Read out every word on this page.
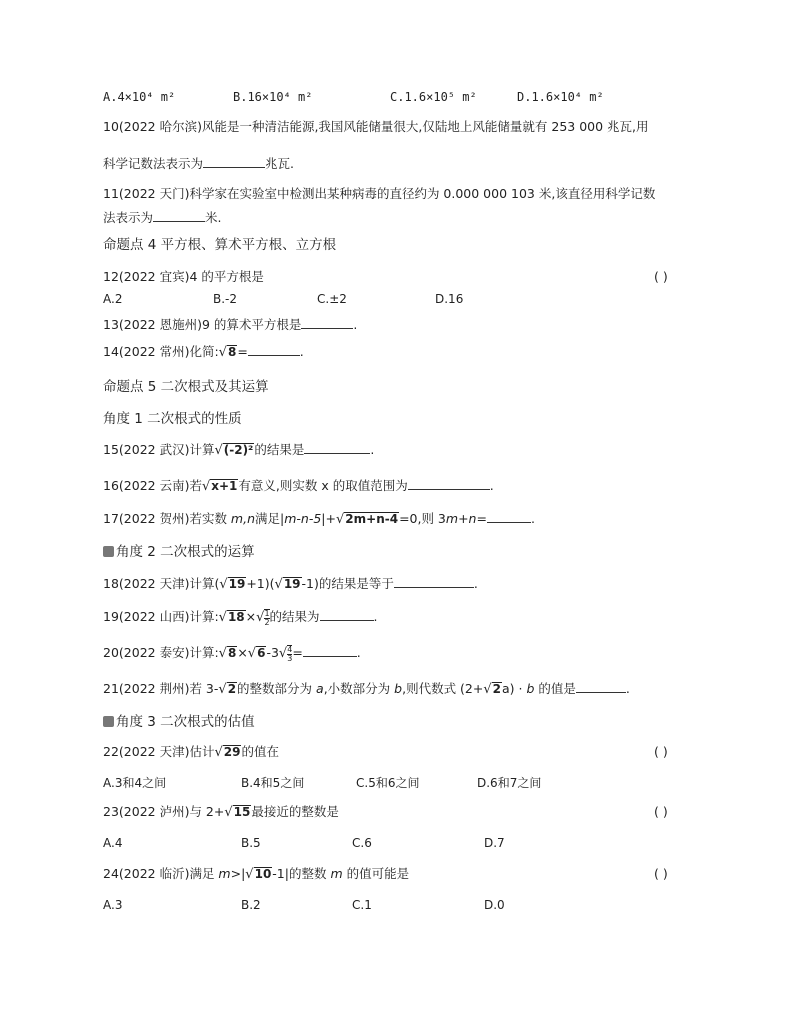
A.4×10⁴ m²	B.16×10⁴ m²	C.1.6×10⁵ m²	D.1.6×10⁴ m²
10(2022 哈尔滨)风能是一种清洁能源,我国风能储量很大,仅陆地上风能储量就有 253 000 兆瓦,用
科学记数法表示为	兆瓦.
11(2022 天门)科学家在实验室中检测出某种病毒的直径约为 0.000 000 103 米,该直径用科学记数
法表示为	米.
命题点 4 平方根、算术平方根、立方根
12(2022 宜宾)4 的平方根是	( )
A.2	B.-2	C.±2	D.16
13(2022 恩施州)9 的算术平方根是	.
14(2022 常州)化简:√8=	.
命题点 5 二次根式及其运算
角度 1 二次根式的性质
15(2022 武汉)计算√(-2)²的结果是	.
16(2022 云南)若√x+1有意义,则实数 x 的取值范围为	.
17(2022 贺州)若实数 m,n满足|m-n-5|+√2m+n-4=0,则 3m+n=	.
角度 2 二次根式的运算
18(2022 天津)计算(√19+1)(√19-1)的结果是等于	.
19(2022 山西)计算:√18×√ $\frac{1}{2}$ 的结果为	.
20(2022 泰安)计算:√8×√6-3√ $\frac{4}{3}$ =	.
21(2022 荆州)若 3-√2的整数部分为 a,小数部分为 b,则代数式 (2+√2a) · b 的值是	.
角度 3 二次根式的估值
22(2022 天津)估计√29的值在	( )
A.3和4之间	B.4和5之间	C.5和6之间	D.6和7之间
23(2022 泸州)与 2+√15最接近的整数是	( )
A.4	B.5	C.6	D.7
24(2022 临沂)满足 m>|√10-1|的整数 m 的值可能是	( )
A.3	B.2	C.1	D.0
